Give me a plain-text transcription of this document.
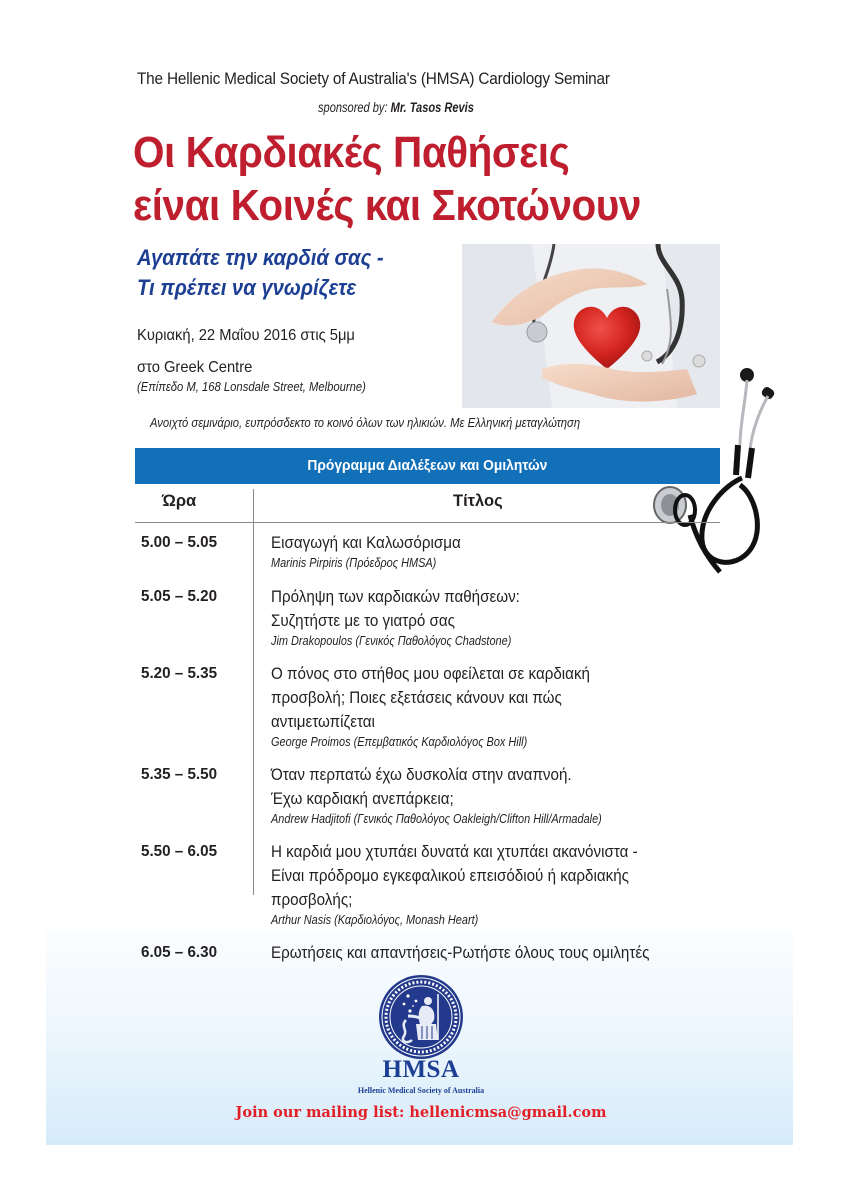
The Hellenic Medical Society of Australia's (HMSA) Cardiology Seminar
sponsored by: Mr. Tasos Revis
Οι Καρδιακές Παθήσεις
είναι Κοινές και Σκοτώνουν
Αγαπάτε την καρδιά σας -
Τι πρέπει να γνωρίζετε
Κυριακή, 22 Μαΐου 2016 στις 5μμ
στο Greek Centre
(Επίπεδο Μ, 168 Lonsdale Street, Melbourne)
Ανοιχτό σεμινάριο, ευπρόσδεκτο το κοινό όλων των ηλικιών. Με Ελληνική μεταγλώτηση
Πρόγραμμα Διαλέξεων και Ομιλητών
Ώρα	Τίτλος
5.00 – 5.05	Εισαγωγή και Καλωσόρισμα
Marinis Pirpiris (Πρόεδρος HMSA)
5.05 – 5.20	Πρόληψη των καρδιακών παθήσεων:
Συζητήστε με το γιατρό σας
Jim Drakopoulos (Γενικός Παθολόγος Chadstone)
5.20 – 5.35	Ο πόνος στο στήθος μου οφείλεται σε καρδιακή
προσβολή; Ποιες εξετάσεις κάνουν και πώς
αντιμετωπίζεται
George Proimos (Επεμβατικός Καρδιολόγος Box Hill)
5.35 – 5.50	Όταν περπατώ έχω δυσκολία στην αναπνοή.
Έχω καρδιακή ανεπάρκεια;
Andrew Hadjitofi (Γενικός Παθολόγος Oakleigh/Clifton Hill/Armadale)
5.50 – 6.05	Η καρδιά μου χτυπάει δυνατά και χτυπάει ακανόνιστα -
Είναι πρόδρομο εγκεφαλικού επεισόδιού ή καρδιακής
προσβολής;
Arthur Nasis (Καρδιολόγος, Monash Heart)
6.05 – 6.30	Ερωτήσεις και απαντήσεις-Ρωτήστε όλους τους ομιλητές
HMSA
Hellenic Medical Society of Australia
Join our mailing list: hellenicmsa@gmail.com
